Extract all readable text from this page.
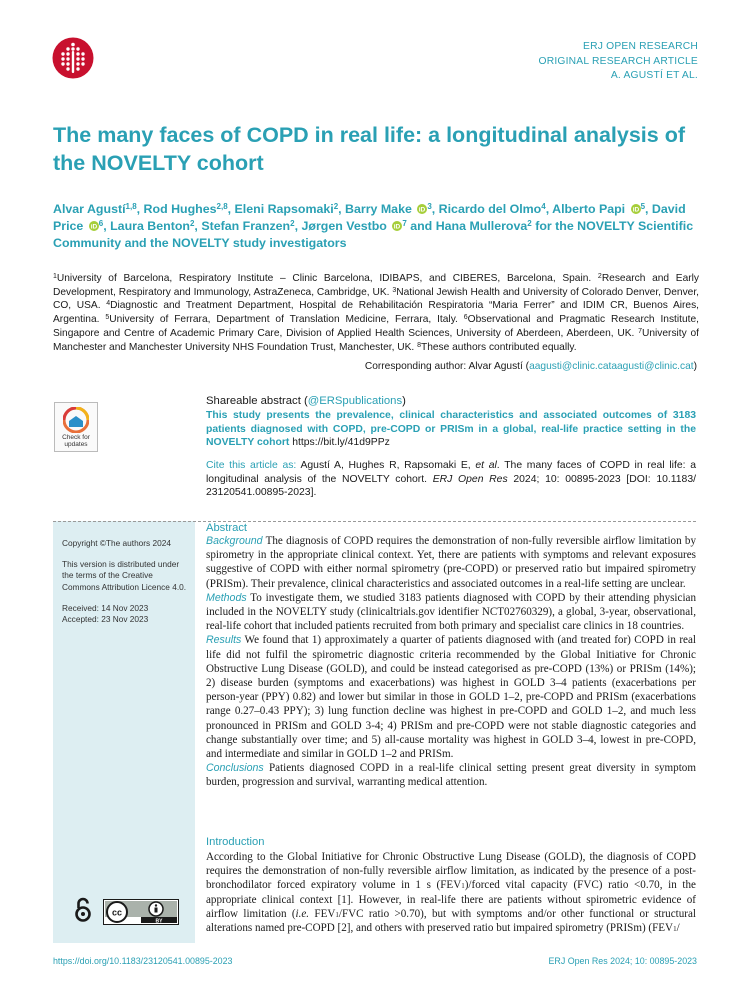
ERJ OPEN RESEARCH
ORIGINAL RESEARCH ARTICLE
A. AGUSTÍ ET AL.
The many faces of COPD in real life: a longitudinal analysis of the NOVELTY cohort
Alvar Agustí$^{1,8}$, Rod Hughes$^{2,8}$, Eleni Rapsomaki$^2$, Barry Make iD $^3$, Ricardo del Olmo$^4$, Alberto Papi iD $^5$, David Price iD $^6$, Laura Benton$^2$, Stefan Franzen$^2$, Jørgen Vestbo iD $^7$ and Hana Mullerova$^2$ for the NOVELTY Scientific Community and the NOVELTY study investigators
$^1$University of Barcelona, Respiratory Institute – Clinic Barcelona, IDIBAPS, and CIBERES, Barcelona, Spain. $^2$Research and Early Development, Respiratory and Immunology, AstraZeneca, Cambridge, UK. $^3$National Jewish Health and University of Colorado Denver, Denver, CO, USA. $^4$Diagnostic and Treatment Department, Hospital de Rehabilitación Respiratoria “Maria Ferrer” and IDIM CR, Buenos Aires, Argentina. $^5$University of Ferrara, Department of Translation Medicine, Ferrara, Italy. $^6$Observational and Pragmatic Research Institute, Singapore and Centre of Academic Primary Care, Division of Applied Health Sciences, University of Aberdeen, Aberdeen, UK. $^7$University of Manchester and Manchester University NHS Foundation Trust, Manchester, UK. $^8$These authors contributed equally.
Corresponding author: Alvar Agustí (aagusti@clinic.cataagusti@clinic.cat)
Check for
updates
Shareable abstract (@ERSpublications)
This study presents the prevalence, clinical characteristics and associated outcomes of 3183 patients diagnosed with COPD, pre-COPD or PRISm in a global, real-life practice setting in the NOVELTY cohort https://bit.ly/41d9PPz
Cite this article as: Agustí A, Hughes R, Rapsomaki E, et al. The many faces of COPD in real life: a longitudinal analysis of the NOVELTY cohort. ERJ Open Res 2024; 10: 00895-2023 [DOI: 10.1183/ 23120541.00895-2023].

Copyright ©The authors 2024

This version is distributed under the terms of the Creative Commons Attribution Licence 4.0.

Received: 14 Nov 2023

Accepted: 23 Nov 2023

cc
BY
Abstract

Background The diagnosis of COPD requires the demonstration of non-fully reversible airflow limitation by spirometry in the appropriate clinical context. Yet, there are patients with symptoms and relevant exposures suggestive of COPD with either normal spirometry (pre-COPD) or preserved ratio but impaired spirometry (PRISm). Their prevalence, clinical characteristics and associated outcomes in a real-life setting are unclear.

Methods To investigate them, we studied 3183 patients diagnosed with COPD by their attending physician included in the NOVELTY study (clinicaltrials.gov identifier NCT02760329), a global, 3-year, observational, real-life cohort that included patients recruited from both primary and specialist care clinics in 18 countries.

Results We found that 1) approximately a quarter of patients diagnosed with (and treated for) COPD in real life did not fulfil the spirometric diagnostic criteria recommended by the Global Initiative for Chronic Obstructive Lung Disease (GOLD), and could be instead categorised as pre-COPD (13%) or PRISm (14%); 2) disease burden (symptoms and exacerbations) was highest in GOLD 3–4 patients (exacerbations per person-year (PPY) 0.82) and lower but similar in those in GOLD 1–2, pre-COPD and PRISm (exacerbations range 0.27–0.43 PPY); 3) lung function decline was highest in pre-COPD and GOLD 1–2, and much less pronounced in PRISm and GOLD 3-4; 4) PRISm and pre-COPD were not stable diagnostic categories and change substantially over time; and 5) all-cause mortality was highest in GOLD 3–4, lowest in pre-COPD, and intermediate and similar in GOLD 1–2 and PRISm.

Conclusions Patients diagnosed COPD in a real-life clinical setting present great diversity in symptom burden, progression and survival, warranting medical attention.

Introduction
According to the Global Initiative for Chronic Obstructive Lung Disease (GOLD), the diagnosis of COPD requires the demonstration of non-fully reversible airflow limitation, as indicated by the presence of a post-bronchodilator forced expiratory volume in 1 s $(FEV_1)$/forced vital capacity (FVC) ratio <0.70, in the appropriate clinical context [1]. However, in real-life there are patients without spirometric evidence of airflow limitation (i.e. $FEV_1$/FVC ratio >0.70), but with symptoms and/or other functional or structural alterations named pre-COPD [2], and others with preserved ratio but impaired spirometry (PRISm) ($FEV_1/$
https://doi.org/10.1183/23120541.00895-2023	ERJ Open Res 2024; 10: 00895-2023
